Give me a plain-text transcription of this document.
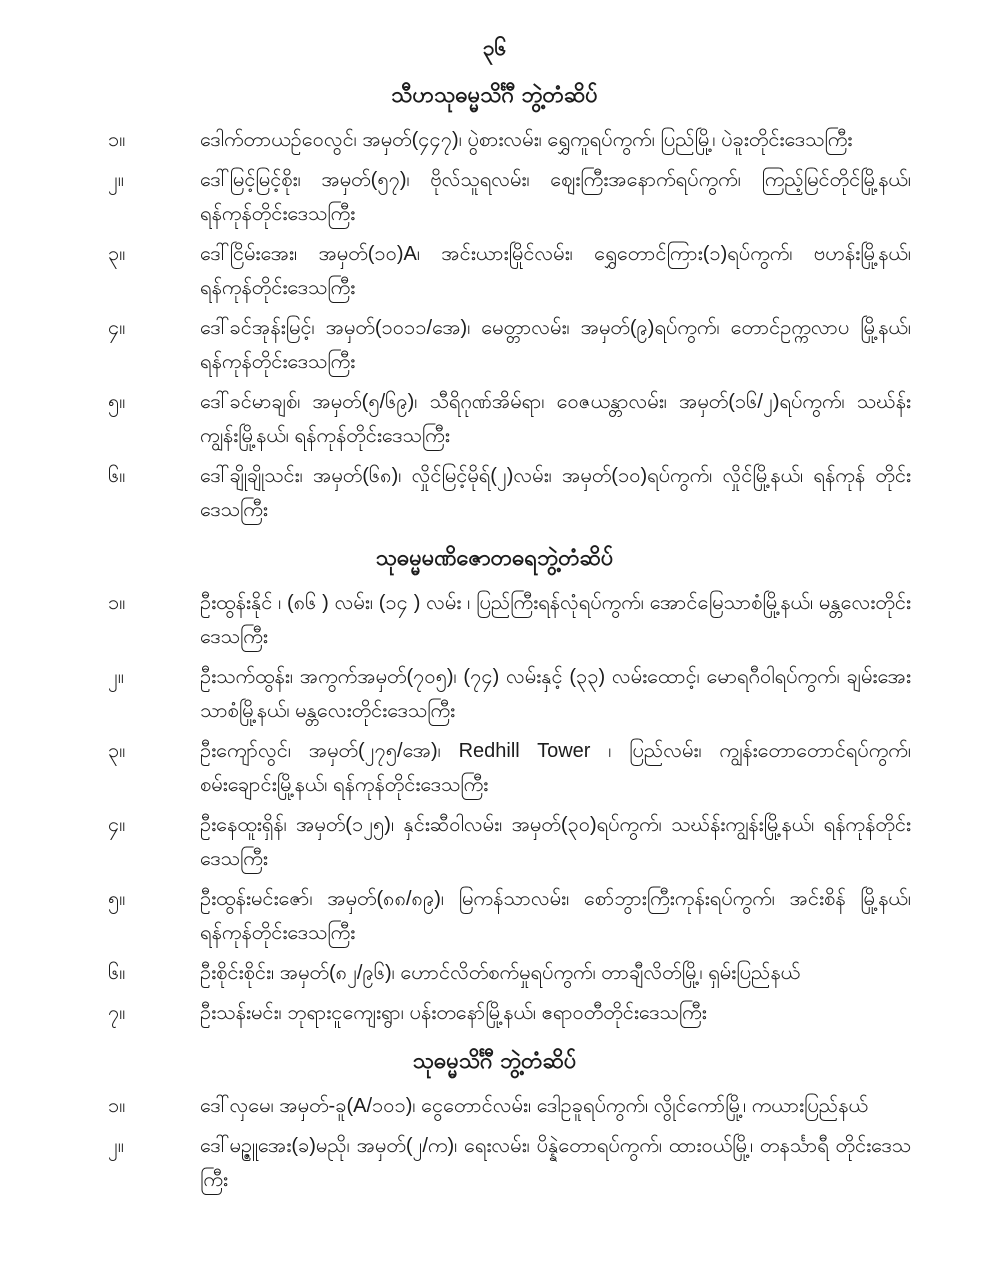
၃၆
သီဟသုဓမ္မသိင်္ဂီ ဘွဲ့တံဆိပ်
၁။	ဒေါက်တာယဉ်ဝေလွင်၊ အမှတ်(၄၄၇)၊ ပွဲစားလမ်း၊ ရွှေကူရပ်ကွက်၊ ပြည်မြို့၊ ပဲခူးတိုင်းဒေသကြီး
၂။	ဒေါ်မြင့်မြင့်စိုး၊ အမှတ်(၅၇)၊ ဗိုလ်သူရလမ်း၊ ဈေးကြီးအနောက်ရပ်ကွက်၊ ကြည့်မြင်တိုင်မြို့နယ်၊ ရန်ကုန်တိုင်းဒေသကြီး
၃။	ဒေါ်ငြိမ်းအေး၊ အမှတ်(၁၀)A၊ အင်းယားမြိုင်လမ်း၊ ရွှေတောင်ကြား(၁)ရပ်ကွက်၊ ဗဟန်းမြို့နယ်၊ ရန်ကုန်တိုင်းဒေသကြီး
၄။	ဒေါ်ခင်အုန်းမြင့်၊ အမှတ်(၁၀၁၁/အေ)၊ မေတ္တာလမ်း၊ အမှတ်(၉)ရပ်ကွက်၊ တောင်ဥက္ကလာပ မြို့နယ်၊ ရန်ကုန်တိုင်းဒေသကြီး
၅။	ဒေါ်ခင်မာချစ်၊ အမှတ်(၅/၆၉)၊ သီရိဂုဏ်အိမ်ရာ၊ ဝေဇယန္တာလမ်း၊ အမှတ်(၁၆/၂)ရပ်ကွက်၊ သဃ်န်းကျွန်းမြို့နယ်၊ ရန်ကုန်တိုင်းဒေသကြီး
၆။	ဒေါ်ချိုချိုသင်း၊ အမှတ်(၆၈)၊ လှိုင်မြင့်မိုရ်(၂)လမ်း၊ အမှတ်(၁၀)ရပ်ကွက်၊ လှိုင်မြို့နယ်၊ ရန်ကုန် တိုင်းဒေသကြီး
သုဓမ္မမဏိဇောတဓရဘွဲ့တံဆိပ်
၁။	ဦးထွန်းနိုင် ၊ (၈၆ ) လမ်း၊ (၁၄ ) လမ်း ၊ ပြည်ကြီးရန်လုံရပ်ကွက်၊ အောင်မြေသာစံမြို့နယ်၊ မန္တလေးတိုင်းဒေသကြီး
၂။	ဦးသက်ထွန်း၊ အကွက်အမှတ်(၇၀၅)၊ (၇၄) လမ်းနှင့် (၃၃) လမ်းထောင့်၊ မောရဂီဝါရပ်ကွက်၊ ချမ်းအေးသာစံမြို့နယ်၊ မန္တလေးတိုင်းဒေသကြီး
၃။	ဦးကျော်လွင်၊ အမှတ်(၂၇၅/အေ)၊ Redhill Tower ၊ ပြည်လမ်း၊ ကျွန်းတောတောင်ရပ်ကွက်၊ စမ်းချောင်းမြို့နယ်၊ ရန်ကုန်တိုင်းဒေသကြီး
၄။	ဦးနေထူးရှိန်၊ အမှတ်(၁၂၅)၊ နှင်းဆီဝါလမ်း၊ အမှတ်(၃၀)ရပ်ကွက်၊ သဃ်န်းကျွန်းမြို့နယ်၊ ရန်ကုန်တိုင်းဒေသကြီး
၅။	ဦးထွန်းမင်းဇော်၊ အမှတ်(၈၈/၈၉)၊ မြကန်သာလမ်း၊ စော်ဘွားကြီးကုန်းရပ်ကွက်၊ အင်းစိန် မြို့နယ်၊ ရန်ကုန်တိုင်းဒေသကြီး
၆။	ဦးစိုင်းစိုင်း၊ အမှတ်(၈၂/၉၆)၊ ဟောင်လိတ်စက်မှုရပ်ကွက်၊ တာချီလိတ်မြို့၊ ရှမ်းပြည်နယ်
၇။	ဦးသန်းမင်း၊ ဘုရားငူကျေးရွာ၊ ပန်းတနော်မြို့နယ်၊ ဧရာဝတီတိုင်းဒေသကြီး
သုဓမ္မသိင်္ဂီ ဘွဲ့တံဆိပ်
၁။	ဒေါ်လှမေ၊ အမှတ်-ခူ(A/၁၀၁)၊ ငွေတောင်လမ်း၊ ဒေါဥခူရပ်ကွက်၊ လွိုင်ကော်မြို့၊ ကယားပြည်နယ်
၂။	ဒေါ်မဉ္ဇူအေး(ခ)မညို၊ အမှတ်(၂/က)၊ ရေးလမ်း၊ ပိန္နဲတောရပ်ကွက်၊ ထားဝယ်မြို့၊ တနင်္သာရီ တိုင်းဒေသကြီး
